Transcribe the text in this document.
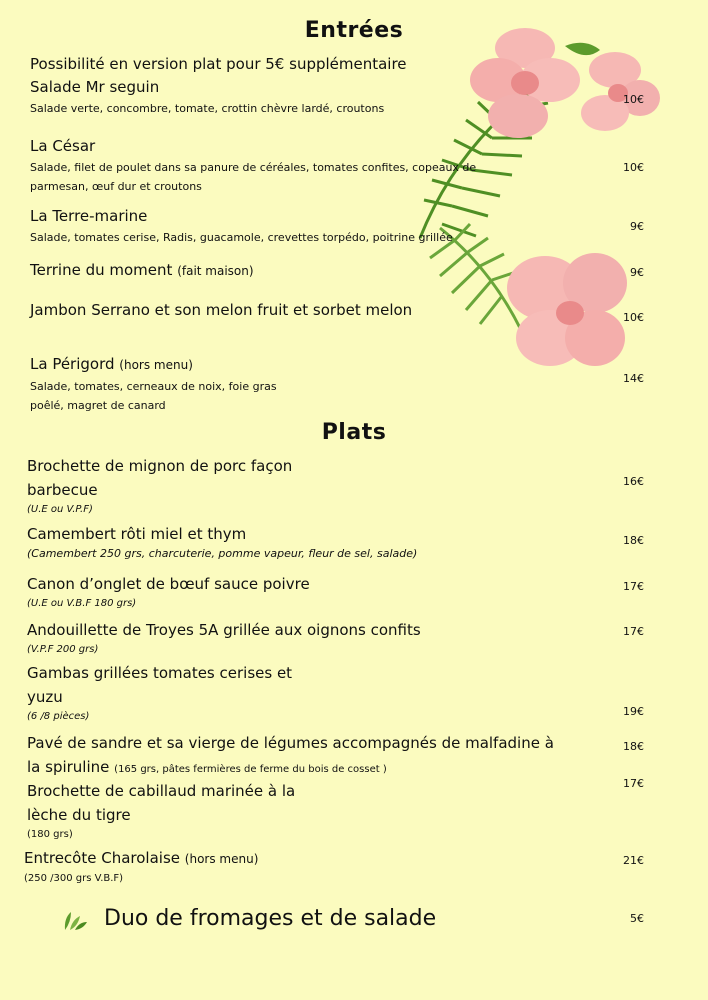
Entrées
Possibilité en version plat pour 5€ supplémentaire
Salade Mr seguin
Salade verte, concombre, tomate, crottin chèvre lardé, croutons
10€
La César
Salade, filet de poulet dans sa panure de céréales, tomates confites, copeaux de
parmesan, œuf dur et croutons
10€
La Terre-marine
Salade, tomates cerise, Radis, guacamole, crevettes torpédo, poitrine grillée
9€
Terrine du moment (fait maison)	9€
Jambon Serrano et son melon fruit et sorbet melon	10€
La Périgord (hors menu)
Salade, tomates, cerneaux de noix, foie gras
poêlé, magret de canard
14€
Plats
Brochette de mignon de porc façon
barbecue
(U.E ou V.P.F)
16€
Camembert rôti miel et thym
(Camembert 250 grs, charcuterie, pomme vapeur, fleur de sel, salade)
18€
Canon d’onglet de bœuf sauce poivre
(U.E ou V.B.F 180 grs)
17€
Andouillette de Troyes 5A grillée aux oignons confits
(V.P.F 200 grs)
17€
Gambas grillées tomates cerises et
yuzu
(6 /8 pièces)	19€
Pavé de sandre et sa vierge de légumes accompagnés de malfadine à
la spiruline (165 grs, pâtes fermières de ferme du bois de cosset )
18€
Brochette de cabillaud marinée à la
lèche du tigre
(180 grs)
17€
Entrecôte Charolaise (hors menu)
(250 /300 grs V.B.F)
21€
Duo de fromages et de salade	5€
